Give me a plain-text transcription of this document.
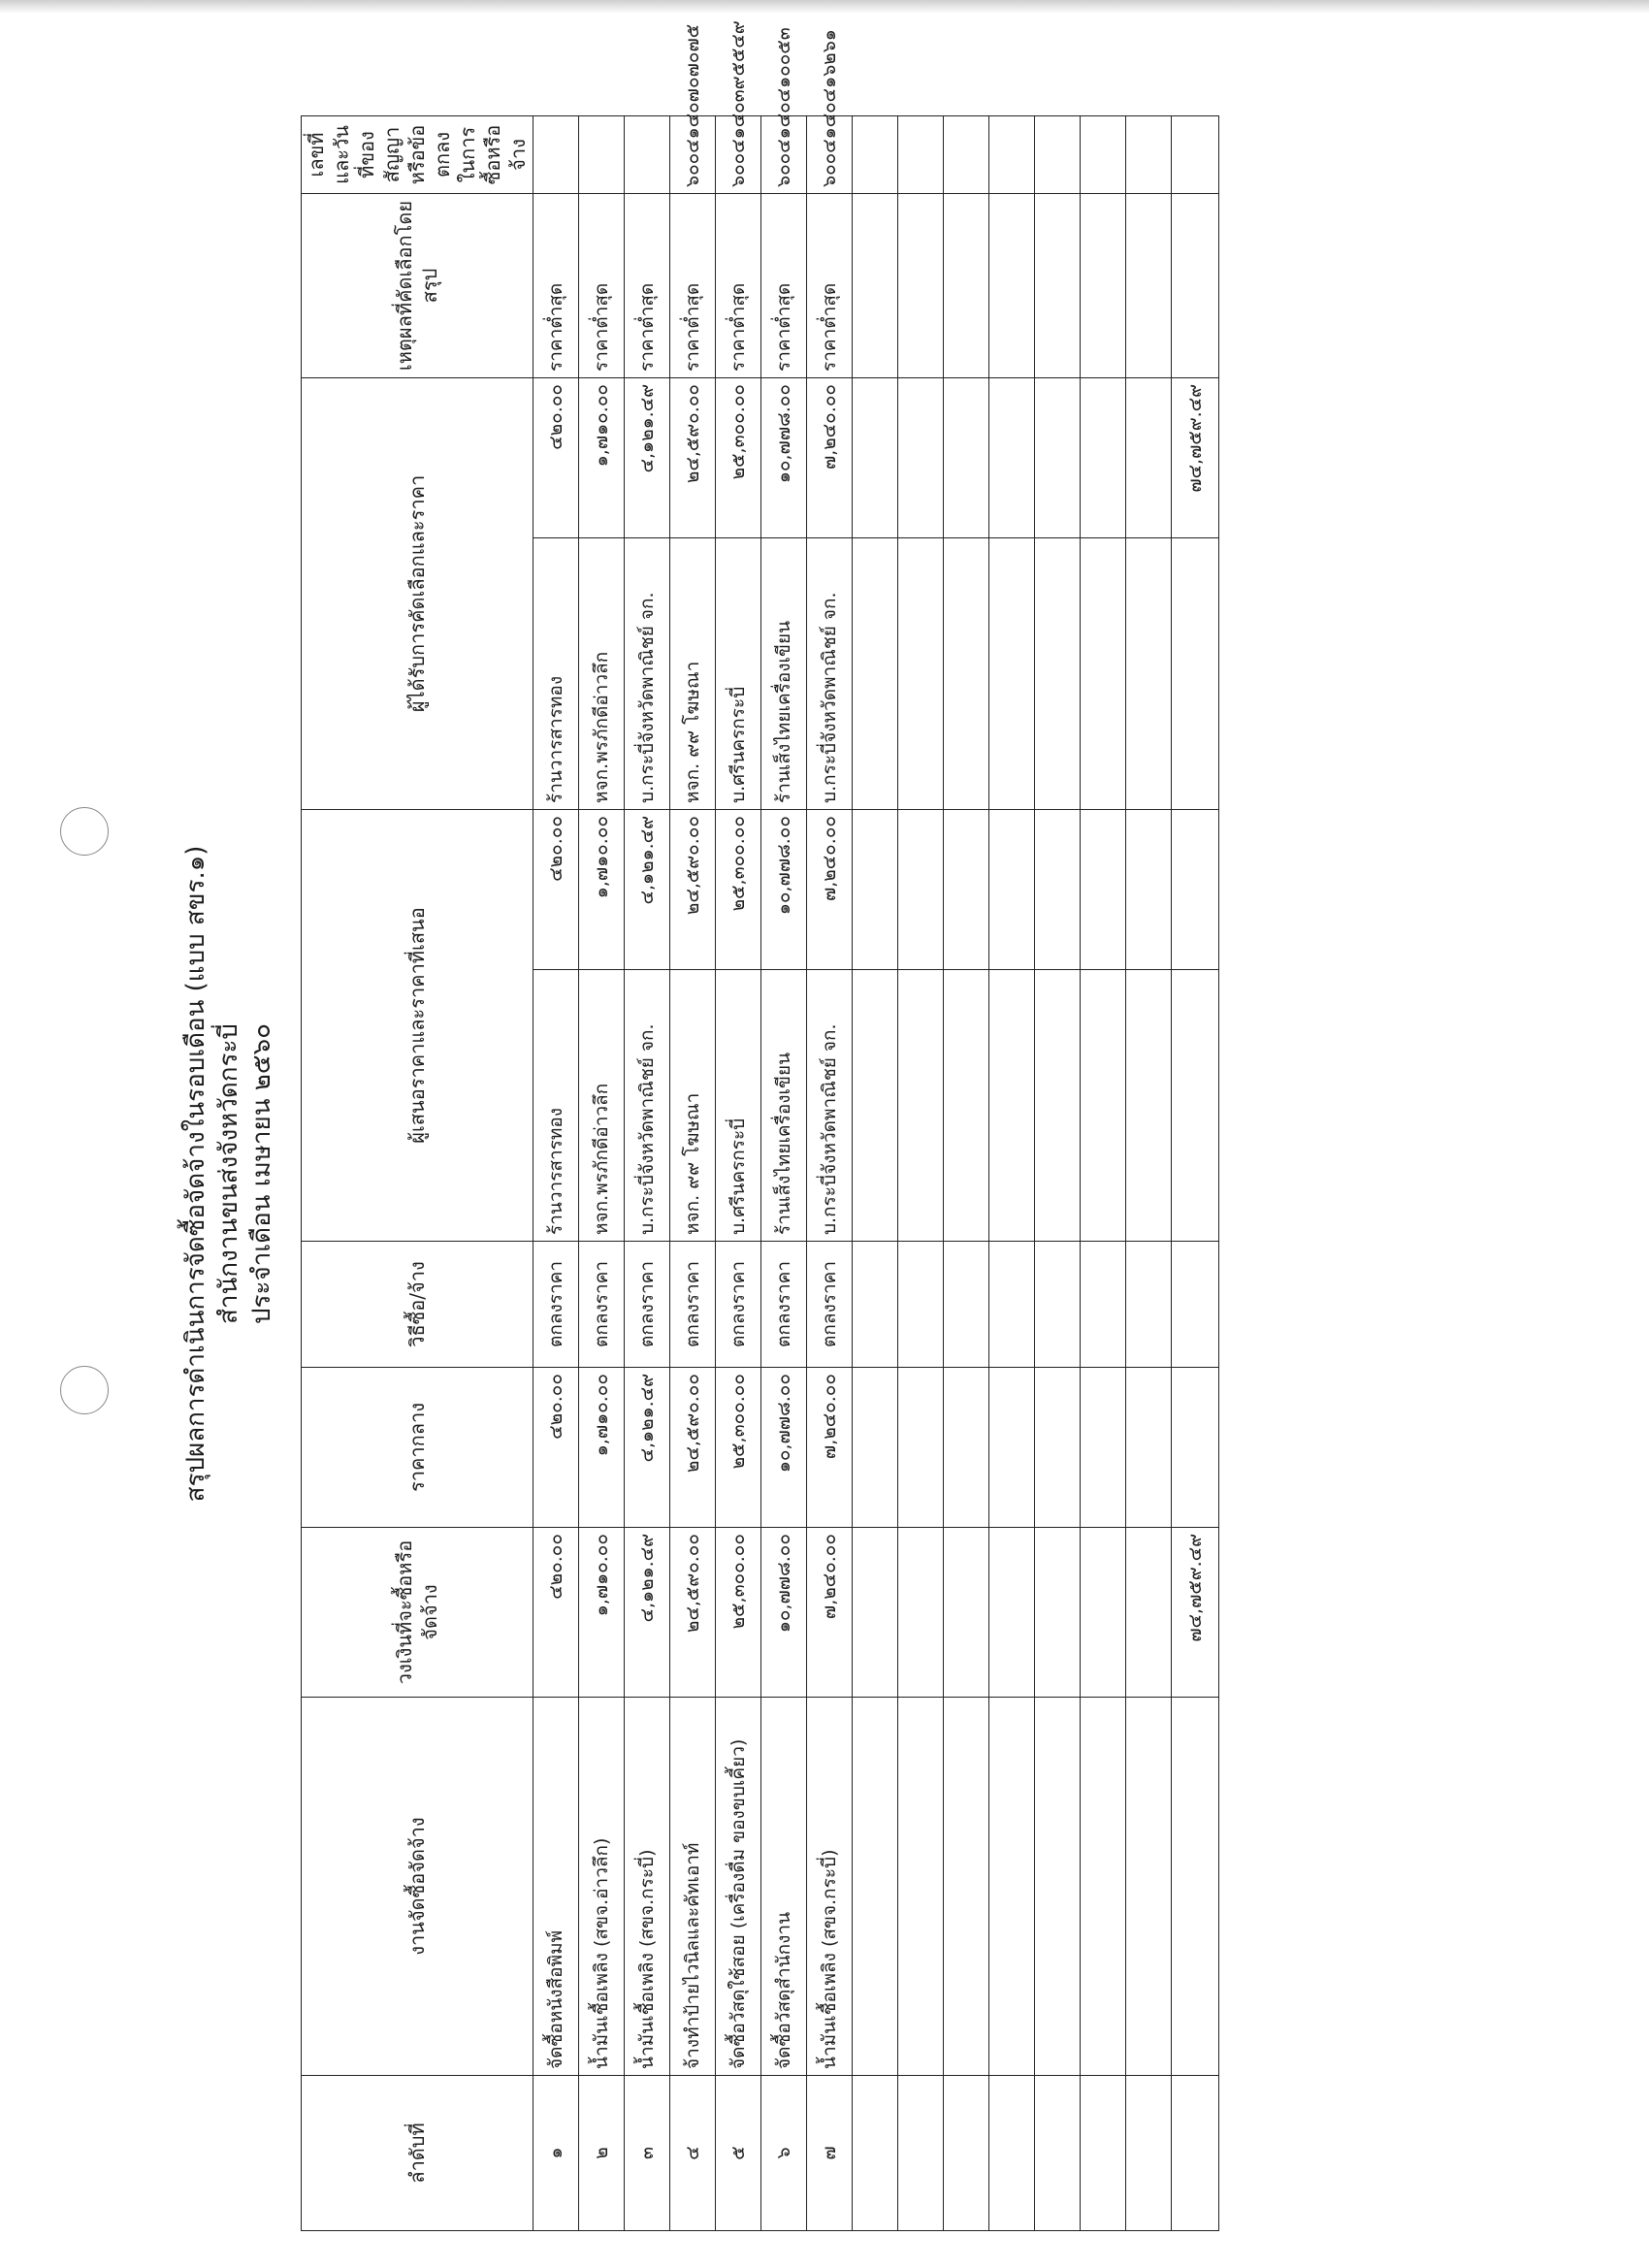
สรุปผลการดำเนินการจัดซื้อจัดจ้างในรอบเดือน (แบบ สขร.๑) สำนักงานขนส่งจังหวัดกระบี่ ประจำเดือน เมษายน ๒๕๖๐
ลำดับที่	งานจัดซื้อจัดจ้าง	วงเงินที่จะซื้อหรือจัดจ้าง	ราคากลาง	วิธีซื้อ/จ้าง	ผู้เสนอราคาและราคาที่เสนอ		ผู้ได้รับการคัดเลือกและราคา		เหตุผลที่คัดเลือกโดยสรุป	เลขที่และวันที่ของสัญญาหรือข้อตกลงในการซื้อหรือจ้าง

๑	จัดซื้อหนังสือพิมพ์	๔๒๐.๐๐	๔๒๐.๐๐	ตกลงราคา	ร้านวารสารทอง	๔๒๐.๐๐	ร้านวารสารทอง	๔๒๐.๐๐	ราคาต่ำสุด	
๒	น้ำมันเชื้อเพลิง (สขจ.อ่าวลึก)	๑,๗๑๐.๐๐	๑,๗๑๐.๐๐	ตกลงราคา	หจก.พรภักดีอ่าวลึก	๑,๗๑๐.๐๐	หจก.พรภักดีอ่าวลึก	๑,๗๑๐.๐๐	ราคาต่ำสุด	
๓	น้ำมันเชื้อเพลิง (สขจ.กระบี่)	๔,๑๒๑.๔๙	๔,๑๒๑.๔๙	ตกลงราคา	บ.กระบี่จังหวัดพาณิชย์ จก.	๔,๑๒๑.๔๙	บ.กระบี่จังหวัดพาณิชย์ จก.	๔,๑๒๑.๔๙	ราคาต่ำสุด	
๔	จ้างทำป้ายไวนิลและคัทเอาท์	๒๔,๕๙๐.๐๐	๒๔,๕๙๐.๐๐	ตกลงราคา	หจก. ๙๙ โฆษณา	๒๔,๕๙๐.๐๐	หจก. ๙๙ โฆษณา	๒๔,๕๙๐.๐๐	ราคาต่ำสุด	๖๐๐๔๑๔๐๗๐๗๐๗๕
๕	จัดซื้อวัสดุใช้สอย (เครื่องดื่ม ของขบเคี้ยว)	๒๕,๓๐๐.๐๐	๒๕,๓๐๐.๐๐	ตกลงราคา	บ.ศรีนครกระบี่	๒๕,๓๐๐.๐๐	บ.ศรีนครกระบี่	๒๕,๓๐๐.๐๐	ราคาต่ำสุด	๖๐๐๔๑๔๐๓๙๕๕๔๙
๖	จัดซื้อวัสดุสำนักงาน	๑๐,๗๗๘.๐๐	๑๐,๗๗๘.๐๐	ตกลงราคา	ร้านเส็งไทยเครื่องเขียน	๑๐,๗๗๘.๐๐	ร้านเส็งไทยเครื่องเขียน	๑๐,๗๗๘.๐๐	ราคาต่ำสุด	๖๐๐๔๑๔๐๔๑๐๐๕๓
๗	น้ำมันเชื้อเพลิง (สขจ.กระบี่)	๗,๒๔๐.๐๐	๗,๒๔๐.๐๐	ตกลงราคา	บ.กระบี่จังหวัดพาณิชย์ จก.	๗,๒๔๐.๐๐	บ.กระบี่จังหวัดพาณิชย์ จก.	๗,๒๔๐.๐๐	ราคาต่ำสุด	๖๐๐๔๑๔๐๔๑๖๒๖๑

		๗๔,๗๕๙.๔๙						๗๔,๗๕๙.๔๙		
